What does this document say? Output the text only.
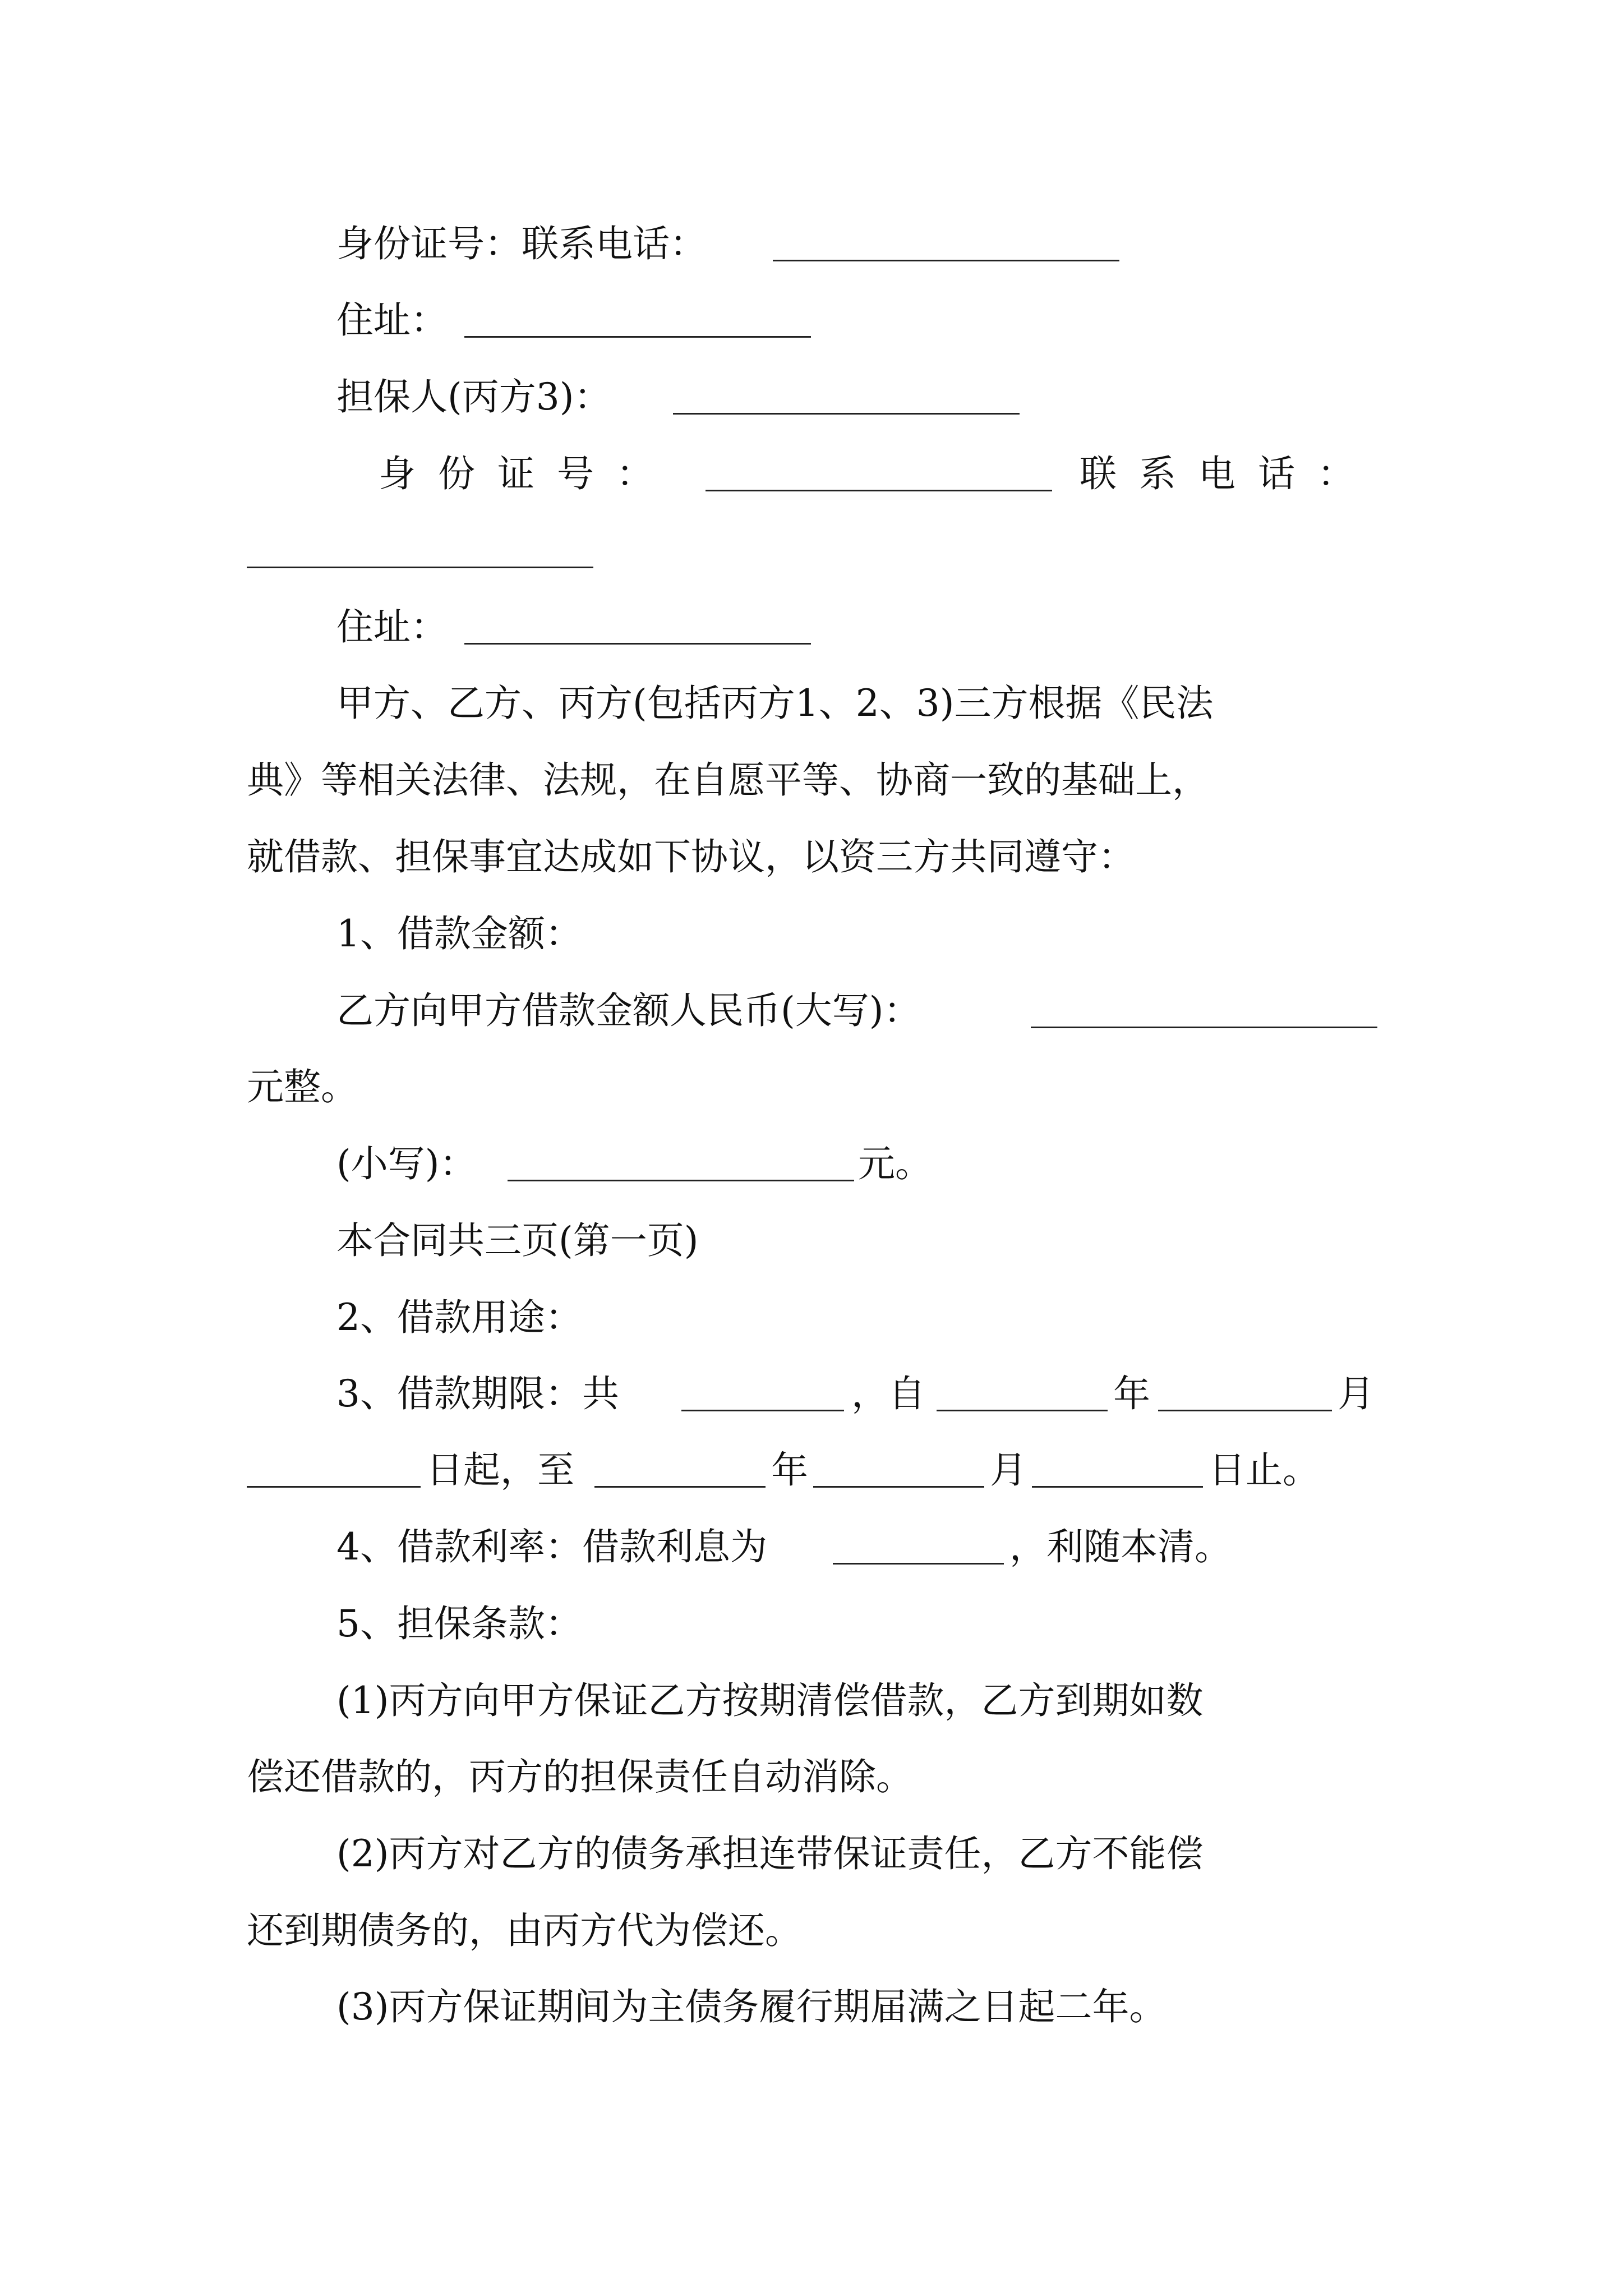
身份证号：联系电话：
住址：
担保人(丙方3)：
身份证号：	联系电话：
住址：
甲方、乙方、丙方(包括丙方1、2、3)三方根据《民法
典》等相关法律、法规，在自愿平等、协商一致的基础上，
就借款、担保事宜达成如下协议，以资三方共同遵守：
1、借款金额：
乙方向甲方借款金额人民币(大写)：
元整。
(小写)：	元。
本合同共三页(第一页)
2、借款用途：
3、借款期限：共	，自	年	月
日起，至	年	月	日止。
4、借款利率：借款利息为	，利随本清。
5、担保条款：
(1)丙方向甲方保证乙方按期清偿借款，乙方到期如数
偿还借款的，丙方的担保责任自动消除。
(2)丙方对乙方的债务承担连带保证责任，乙方不能偿
还到期债务的，由丙方代为偿还。
(3)丙方保证期间为主债务履行期届满之日起二年。
